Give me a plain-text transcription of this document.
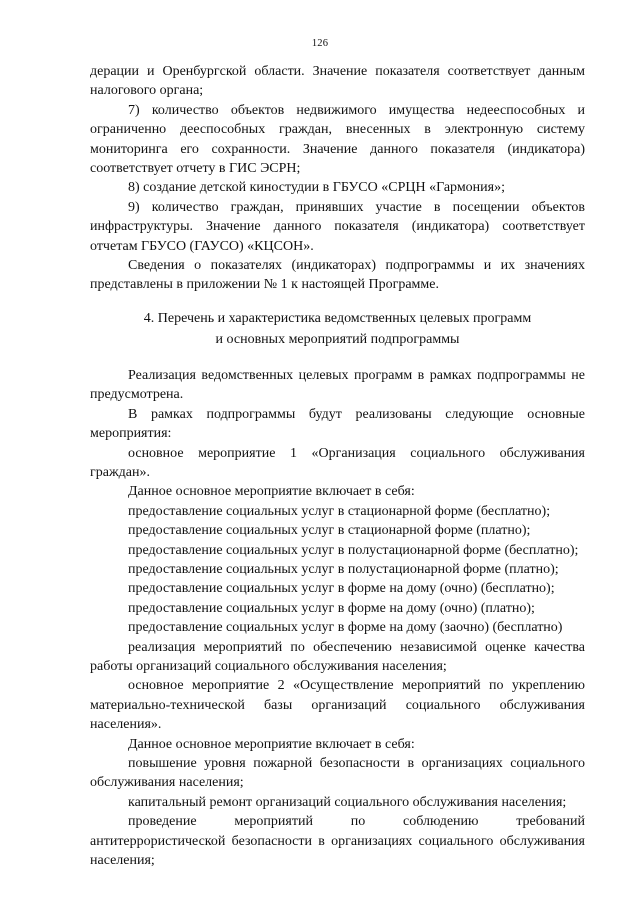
126

дерации и Оренбургской области. Значение показателя соответствует данным налогового органа;

7) количество объектов недвижимого имущества недееспособных и ограниченно дееспособных граждан, внесенных в электронную систему мониторинга его сохранности. Значение данного показателя (индикатора) соответствует отчету в ГИС ЭСРН;

8) создание детской киностудии в ГБУСО «СРЦН «Гармония»;

9) количество граждан, принявших участие в посещении объектов инфраструктуры. Значение данного показателя (индикатора) соответствует отчетам ГБУСО (ГАУСО) «КЦСОН».

Сведения о показателях (индикаторах) подпрограммы и их значениях представлены в приложении № 1 к настоящей Программе.

4. Перечень и характеристика ведомственных целевых программ
и основных мероприятий подпрограммы

Реализация ведомственных целевых программ в рамках подпрограммы не предусмотрена.

В рамках подпрограммы будут реализованы следующие основные мероприятия:

основное мероприятие 1 «Организация социального обслуживания граждан».

Данное основное мероприятие включает в себя:

предоставление социальных услуг в стационарной форме (бесплатно);

предоставление социальных услуг в стационарной форме (платно);

предоставление социальных услуг в полустационарной форме (бесплатно);

предоставление социальных услуг в полустационарной форме (платно);

предоставление социальных услуг в форме на дому (очно) (бесплатно);

предоставление социальных услуг в форме на дому (очно) (платно);

предоставление социальных услуг в форме на дому (заочно) (бесплатно)

реализация мероприятий по обеспечению независимой оценке качества работы организаций социального обслуживания населения;

основное мероприятие 2 «Осуществление мероприятий по укреплению материально-технической базы организаций социального обслуживания населения».

Данное основное мероприятие включает в себя:

повышение уровня пожарной безопасности в организациях социального обслуживания населения;

капитальный ремонт организаций социального обслуживания населения;

проведение мероприятий по соблюдению требований антитеррористической безопасности в организациях социального обслуживания населения;
